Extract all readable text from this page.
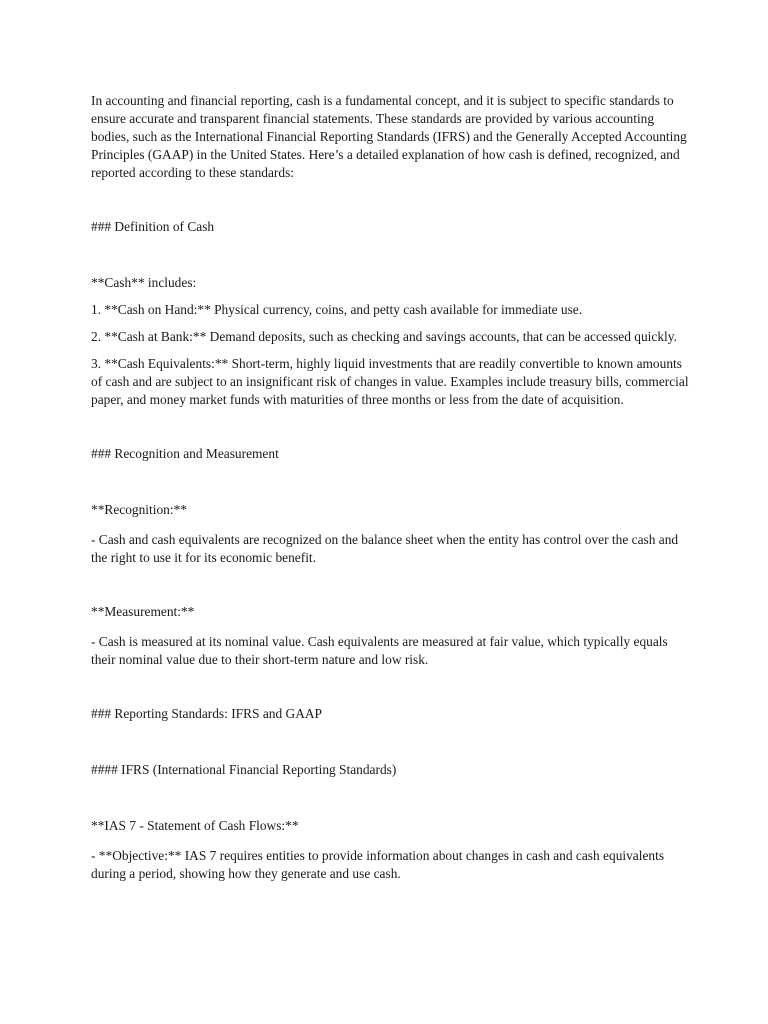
In accounting and financial reporting, cash is a fundamental concept, and it is subject to specific standards to ensure accurate and transparent financial statements. These standards are provided by various accounting bodies, such as the International Financial Reporting Standards (IFRS) and the Generally Accepted Accounting Principles (GAAP) in the United States. Here’s a detailed explanation of how cash is defined, recognized, and reported according to these standards:

### Definition of Cash

**Cash** includes:

1. **Cash on Hand:** Physical currency, coins, and petty cash available for immediate use.

2. **Cash at Bank:** Demand deposits, such as checking and savings accounts, that can be accessed quickly.

3. **Cash Equivalents:** Short-term, highly liquid investments that are readily convertible to known amounts of cash and are subject to an insignificant risk of changes in value. Examples include treasury bills, commercial paper, and money market funds with maturities of three months or less from the date of acquisition.

### Recognition and Measurement

**Recognition:**

- Cash and cash equivalents are recognized on the balance sheet when the entity has control over the cash and the right to use it for its economic benefit.

**Measurement:**

- Cash is measured at its nominal value. Cash equivalents are measured at fair value, which typically equals their nominal value due to their short-term nature and low risk.

### Reporting Standards: IFRS and GAAP

#### IFRS (International Financial Reporting Standards)

**IAS 7 - Statement of Cash Flows:**

- **Objective:** IAS 7 requires entities to provide information about changes in cash and cash equivalents during a period, showing how they generate and use cash.
